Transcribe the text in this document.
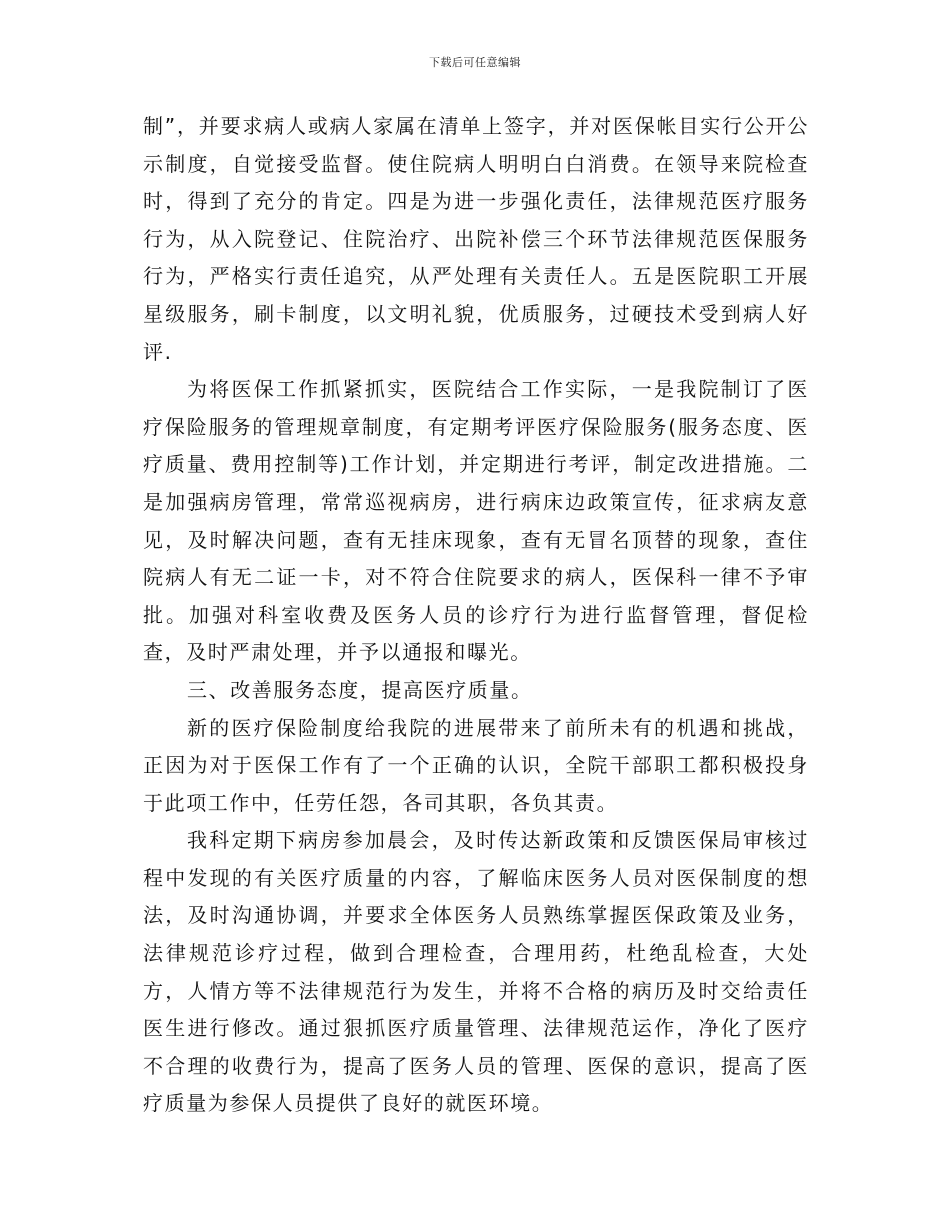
下载后可任意编辑

制”，并要求病人或病人家属在清单上签字，并对医保帐目实行公开公示制度，自觉接受监督。使住院病人明明白白消费。在领导来院检查时，得到了充分的肯定。四是为进一步强化责任，法律规范医疗服务行为，从入院登记、住院治疗、出院补偿三个环节法律规范医保服务行为，严格实行责任追究，从严处理有关责任人。五是医院职工开展星级服务，刷卡制度，以文明礼貌，优质服务，过硬技术受到病人好评.

为将医保工作抓紧抓实，医院结合工作实际，一是我院制订了医疗保险服务的管理规章制度，有定期考评医疗保险服务(服务态度、医疗质量、费用控制等)工作计划，并定期进行考评，制定改进措施。二是加强病房管理，常常巡视病房，进行病床边政策宣传，征求病友意见，及时解决问题，查有无挂床现象，查有无冒名顶替的现象，查住院病人有无二证一卡，对不符合住院要求的病人，医保科一律不予审批。加强对科室收费及医务人员的诊疗行为进行监督管理，督促检查，及时严肃处理，并予以通报和曝光。

三、改善服务态度，提高医疗质量。

新的医疗保险制度给我院的进展带来了前所未有的机遇和挑战，正因为对于医保工作有了一个正确的认识，全院干部职工都积极投身于此项工作中，任劳任怨，各司其职，各负其责。

我科定期下病房参加晨会，及时传达新政策和反馈医保局审核过程中发现的有关医疗质量的内容，了解临床医务人员对医保制度的想法，及时沟通协调，并要求全体医务人员熟练掌握医保政策及业务，法律规范诊疗过程，做到合理检查，合理用药，杜绝乱检查，大处方，人情方等不法律规范行为发生，并将不合格的病历及时交给责任医生进行修改。通过狠抓医疗质量管理、法律规范运作，净化了医疗不合理的收费行为，提高了医务人员的管理、医保的意识，提高了医疗质量为参保人员提供了良好的就医环境。
